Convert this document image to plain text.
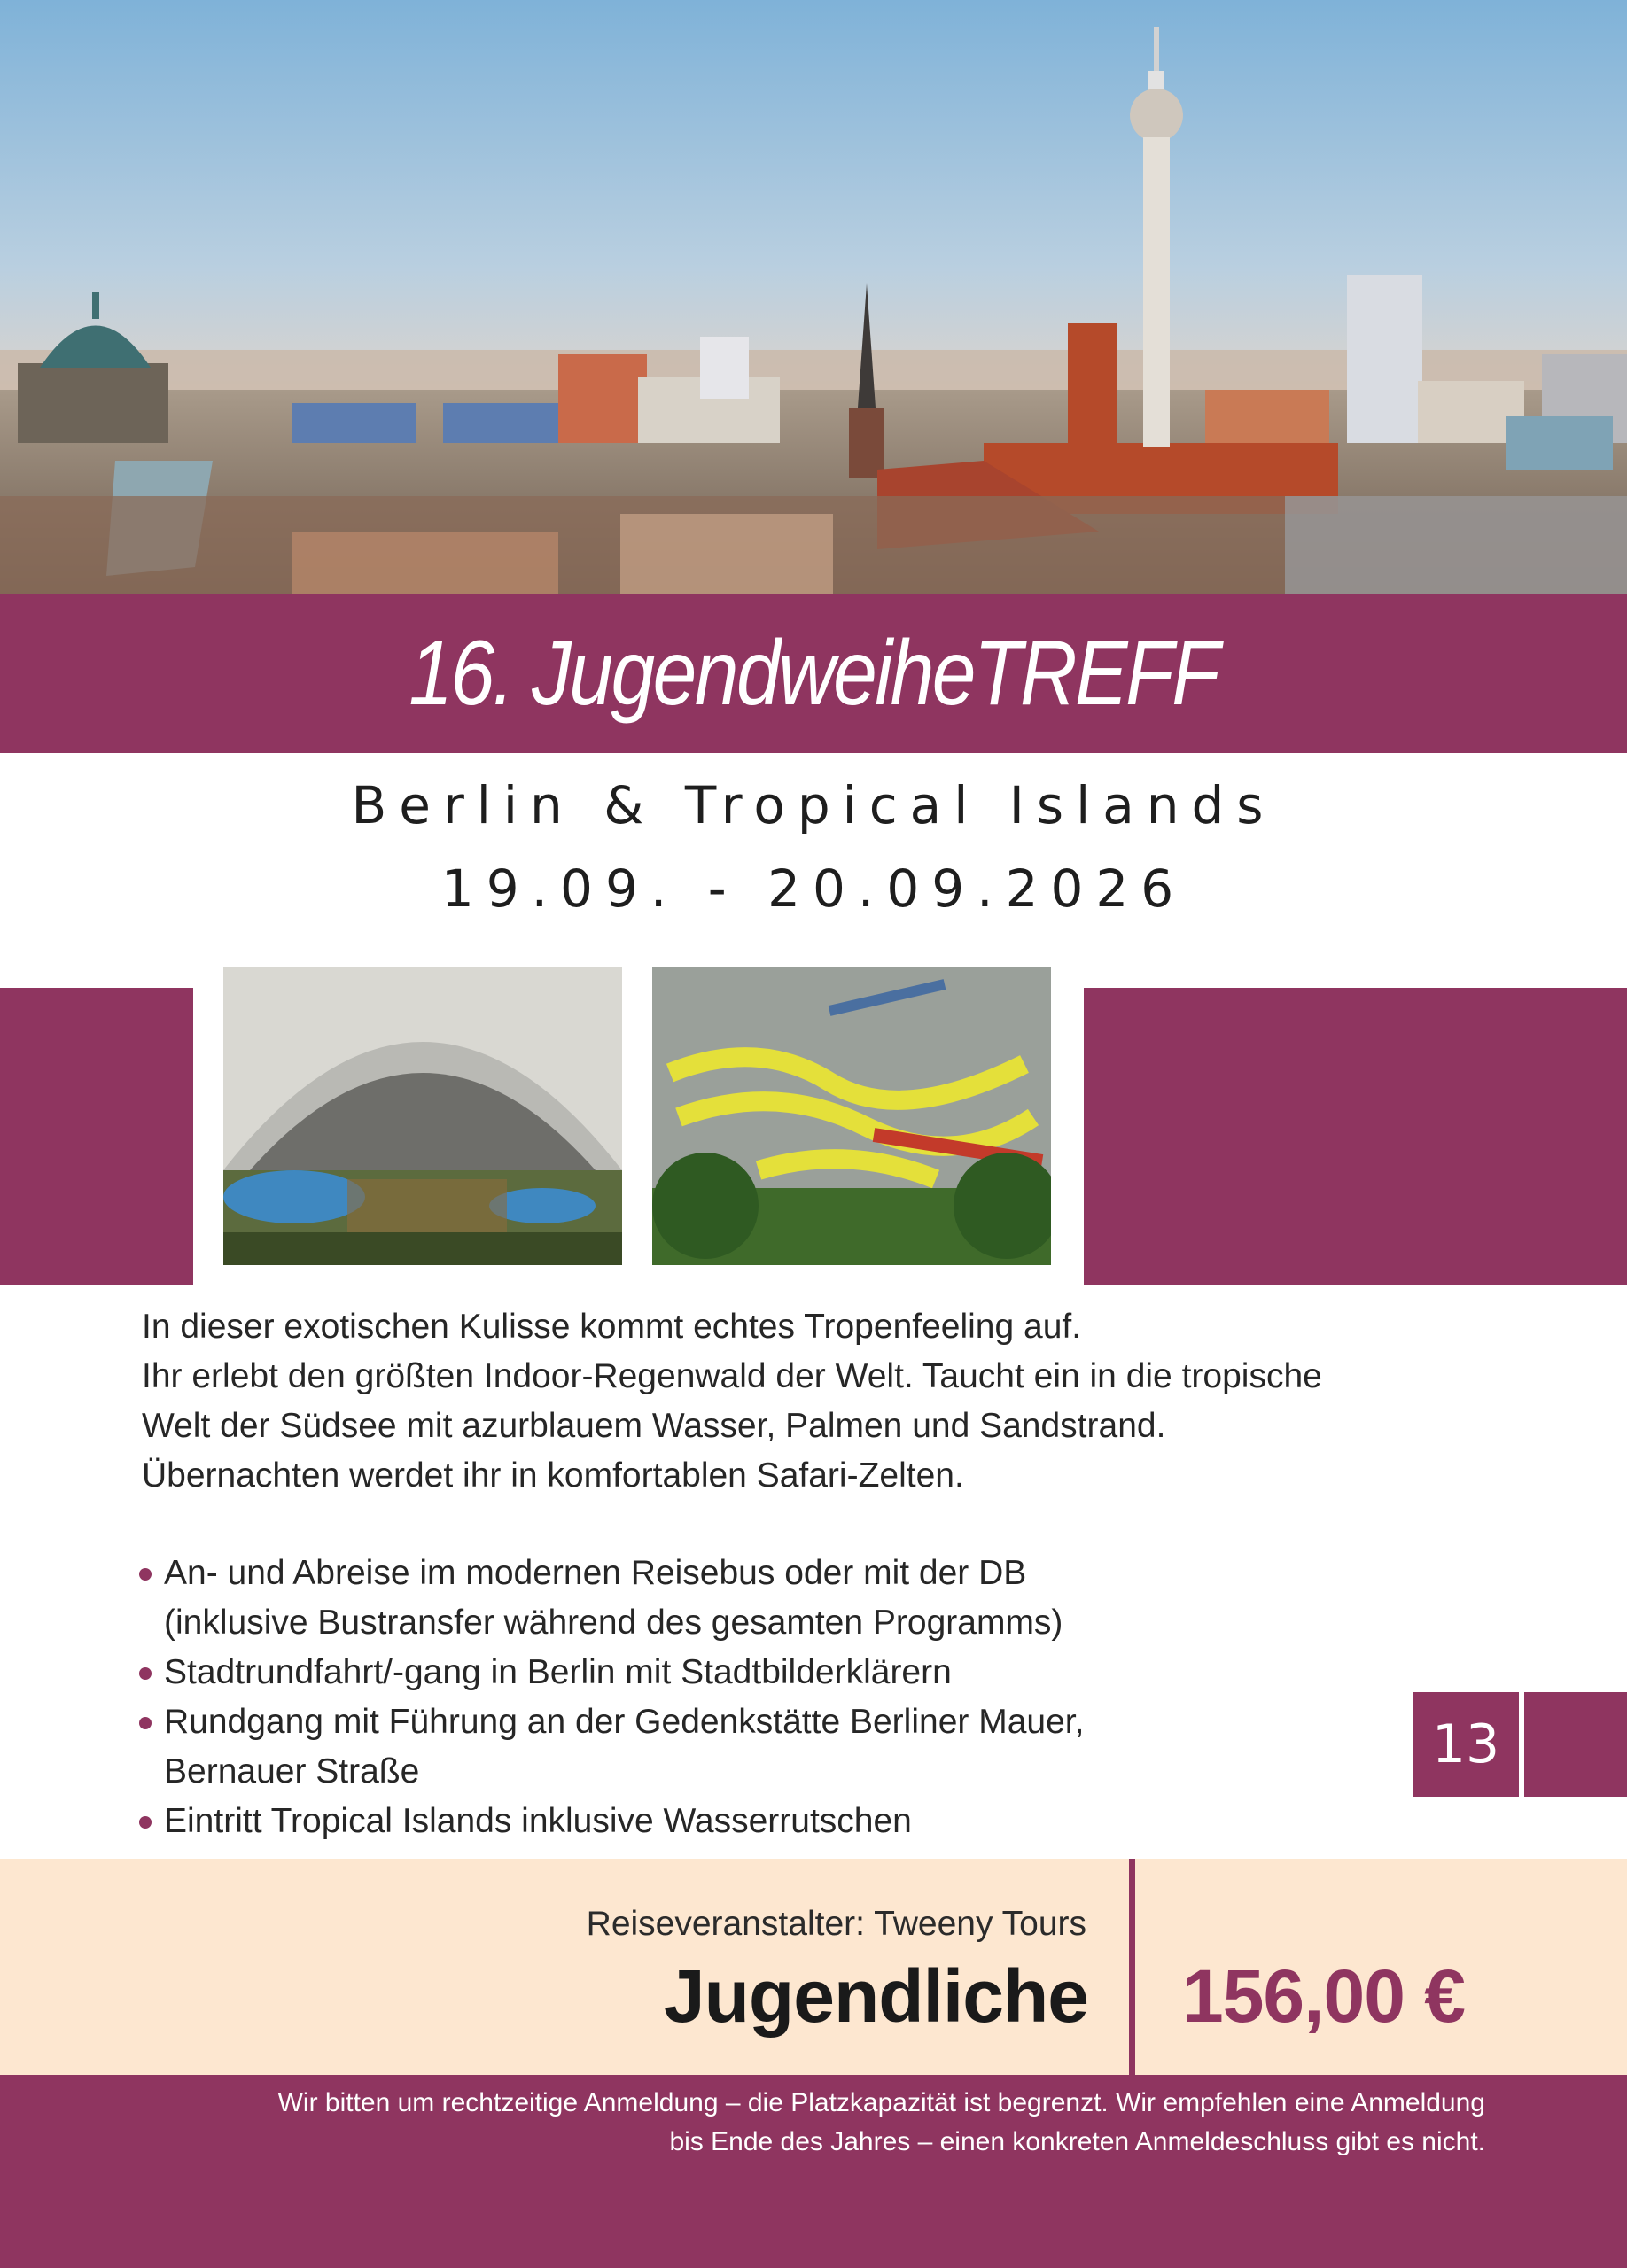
16. JugendweiheTREFF
Berlin & Tropical Islands
19.09. - 20.09.2026

In dieser exotischen Kulisse kommt echtes Tropenfeeling auf.

Ihr erlebt den größten Indoor-Regenwald der Welt. Taucht ein in die tropische

Welt der Südsee mit azurblauem Wasser, Palmen und Sandstrand.

Übernachten werdet ihr in komfortablen Safari-Zelten.

An- und Abreise im modernen Reisebus oder mit der DB
(inklusive Bustransfer während des gesamten Programms)
Stadtrundfahrt/-gang in Berlin mit Stadtbilderklärern
Rundgang mit Führung an der Gedenkstätte Berliner Mauer,
Bernauer Straße
Eintritt Tropical Islands inklusive Wasserrutschen
13
Reiseveranstalter: Tweeny Tours
Jugendliche 156,00 €
Wir bitten um rechtzeitige Anmeldung – die Platzkapazität ist begrenzt. Wir empfehlen eine Anmeldung
bis Ende des Jahres – einen konkreten Anmeldeschluss gibt es nicht.
